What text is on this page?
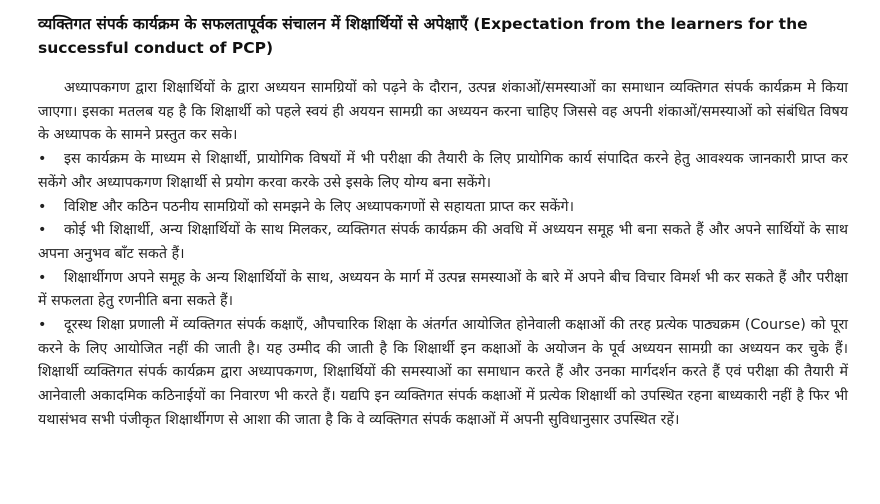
व्यक्तिगत संपर्क कार्यक्रम के सफलतापूर्वक संचालन में शिक्षार्थियों से अपेक्षाएँ (Expectation from the learners for the successful conduct of PCP)

अध्यापकगण द्वारा शिक्षार्थियों के द्वारा अध्ययन सामग्रियों को पढ़ने के दौरान, उत्पन्न शंकाओं/समस्याओं का समाधान व्यक्तिगत संपर्क कार्यक्रम मे किया जाएगा। इसका मतलब यह है कि शिक्षार्थी को पहले स्वयं ही अययन सामग्री का अध्ययन करना चाहिए जिससे वह अपनी शंकाओं/समस्याओं को संबंधित विषय के अध्यापक के सामने प्रस्तुत कर सके।

• इस कार्यक्रम के माध्यम से शिक्षार्थी, प्रायोगिक विषयों में भी परीक्षा की तैयारी के लिए प्रायोगिक कार्य संपादित करने हेतु आवश्यक जानकारी प्राप्त कर सकेंगे और अध्यापकगण शिक्षार्थी से प्रयोग करवा करके उसे इसके लिए योग्य बना सकेंगे।
• विशिष्ट और कठिन पठनीय सामग्रियों को समझने के लिए अध्यापकगणों से सहायता प्राप्त कर सकेंगे।
• कोई भी शिक्षार्थी, अन्य शिक्षार्थियों के साथ मिलकर, व्यक्तिगत संपर्क कार्यक्रम की अवधि में अध्ययन समूह भी बना सकते हैं और अपने सार्थियों के साथ अपना अनुभव बाँट सकते हैं।
• शिक्षार्थीगण अपने समूह के अन्य शिक्षार्थियों के साथ, अध्ययन के मार्ग में उत्पन्न समस्याओं के बारे में अपने बीच विचार विमर्श भी कर सकते हैं और परीक्षा में सफलता हेतु रणनीति बना सकते हैं।
• दूरस्थ शिक्षा प्रणाली में व्यक्तिगत संपर्क कक्षाएँ, औपचारिक शिक्षा के अंतर्गत आयोजित होनेवाली कक्षाओं की तरह प्रत्येक पाठ्यक्रम (Course) को पूरा करने के लिए आयोजित नहीं की जाती है। यह उम्मीद की जाती है कि शिक्षार्थी इन कक्षाओं के अयोजन के पूर्व अध्ययन सामग्री का अध्ययन कर चुके हैं। शिक्षार्थी व्यक्तिगत संपर्क कार्यक्रम द्वारा अध्यापकगण, शिक्षार्थियों की समस्याओं का समाधान करते हैं और उनका मार्गदर्शन करते हैं एवं परीक्षा की तैयारी में आनेवाली अकादमिक कठिनाईयों का निवारण भी करते हैं। यद्यपि इन व्यक्तिगत संपर्क कक्षाओं में प्रत्येक शिक्षार्थी को उपस्थित रहना बाध्यकारी नहीं है फिर भी यथासंभव सभी पंजीकृत शिक्षार्थीगण से आशा की जाता है कि वे व्यक्तिगत संपर्क कक्षाओं में अपनी सुविधानुसार उपस्थित रहें।
